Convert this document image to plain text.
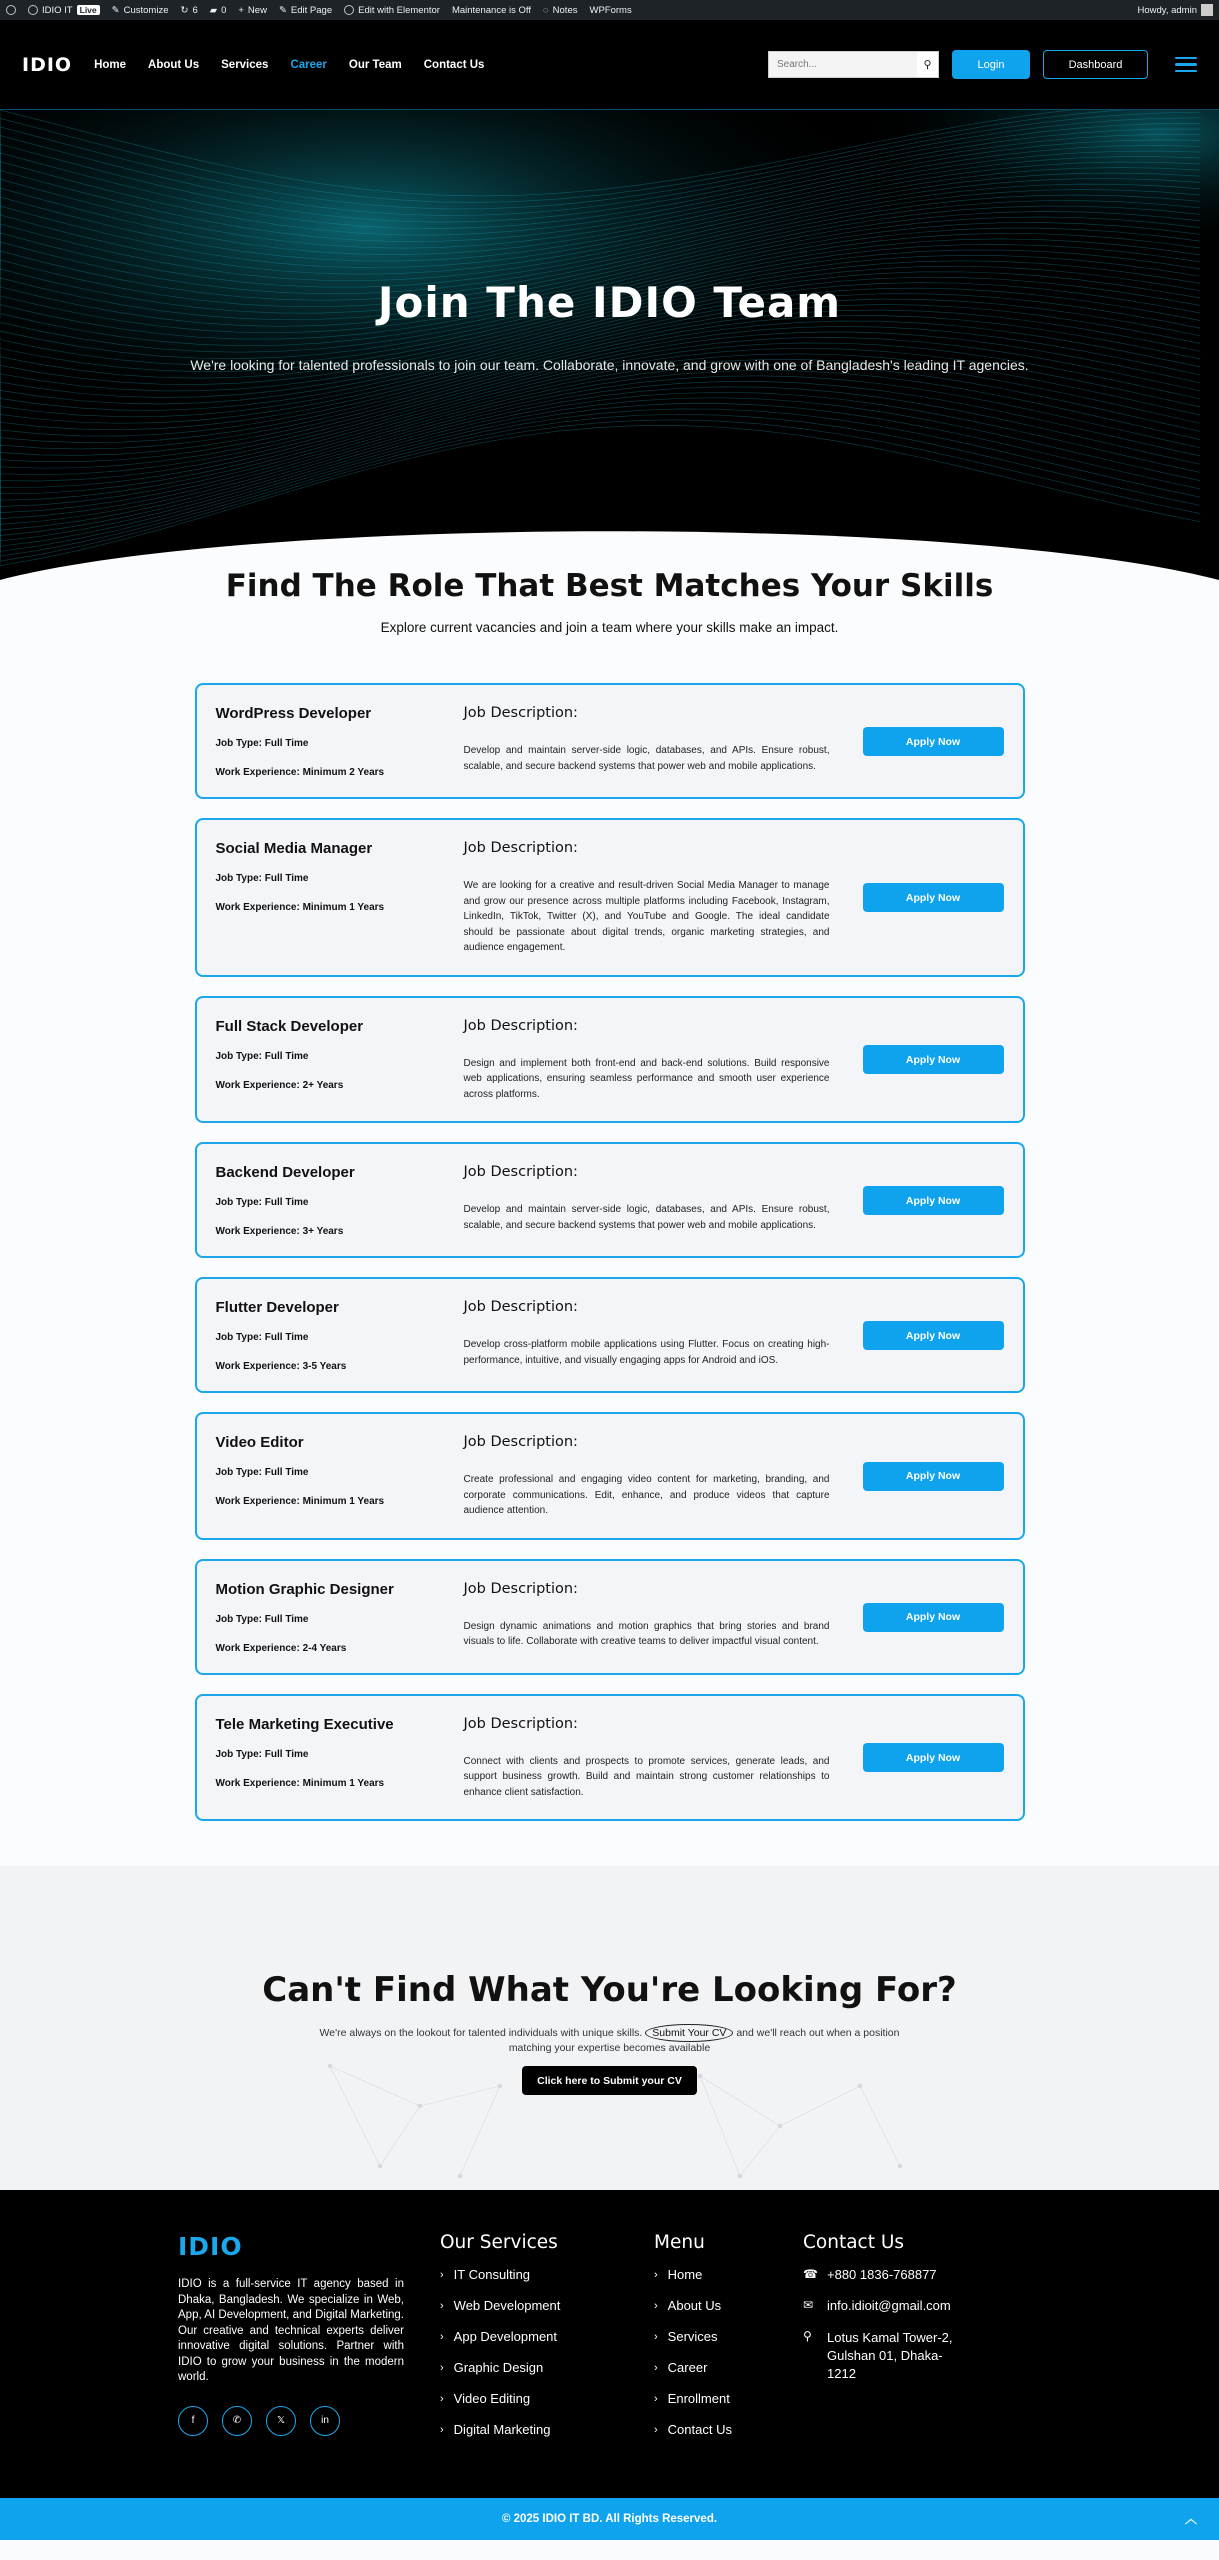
IDIO IT Live	✎ Customize ↻ 6 ▰ 0 + New ✎ Edit Page	Edit with Elementor Maintenance is Off ◌ Notes WPForms	Howdy, admin
IDIO Home About Us Services Career Our Team Contact Us
Search...	⚲	Login	Dashboard
Join The IDIO Team

We're looking for talented professionals to join our team. Collaborate, innovate, and grow with one of Bangladesh's leading IT agencies.

Find The Role That Best Matches Your Skills

Explore current vacancies and join a team where your skills make an impact.

WordPress Developer
Job Type: Full Time
Work Experience: Minimum 2 Years
Job Description:
Develop and maintain server-side logic, databases, and APIs. Ensure robust, scalable, and secure backend systems that power web and mobile applications.
Apply Now
Social Media Manager
Job Type: Full Time
Work Experience: Minimum 1 Years
Job Description:
We are looking for a creative and result-driven Social Media Manager to manage and grow our presence across multiple platforms including Facebook, Instagram, LinkedIn, TikTok, Twitter (X), and YouTube and Google. The ideal candidate should be passionate about digital trends, organic marketing strategies, and audience engagement.
Apply Now
Full Stack Developer
Job Type: Full Time
Work Experience: 2+ Years
Job Description:
Design and implement both front-end and back-end solutions. Build responsive web applications, ensuring seamless performance and smooth user experience across platforms.
Apply Now
Backend Developer
Job Type: Full Time
Work Experience: 3+ Years
Job Description:
Develop and maintain server-side logic, databases, and APIs. Ensure robust, scalable, and secure backend systems that power web and mobile applications.
Apply Now
Flutter Developer
Job Type: Full Time
Work Experience: 3-5 Years
Job Description:
Develop cross-platform mobile applications using Flutter. Focus on creating high-performance, intuitive, and visually engaging apps for Android and iOS.
Apply Now
Video Editor
Job Type: Full Time
Work Experience: Minimum 1 Years
Job Description:
Create professional and engaging video content for marketing, branding, and corporate communications. Edit, enhance, and produce videos that capture audience attention.
Apply Now
Motion Graphic Designer
Job Type: Full Time
Work Experience: 2-4 Years
Job Description:
Design dynamic animations and motion graphics that bring stories and brand visuals to life. Collaborate with creative teams to deliver impactful visual content.
Apply Now
Tele Marketing Executive
Job Type: Full Time
Work Experience: Minimum 1 Years
Job Description:
Connect with clients and prospects to promote services, generate leads, and support business growth. Build and maintain strong customer relationships to enhance client satisfaction.
Apply Now
Can't Find What You're Looking For?

We're always on the lookout for talented individuals with unique skills. Submit Your CV and we'll reach out when a position matching your expertise becomes available

Click here to Submit your CV
IDIO
IDIO is a full-service IT agency based in Dhaka, Bangladesh. We specialize in Web, App, AI Development, and Digital Marketing. Our creative and technical experts deliver innovative digital solutions. Partner with IDIO to grow your business in the modern world.
f	✆	𝕏	in
Our Services
› IT Consulting
› Web Development
› App Development
› Graphic Design
› Video Editing
› Digital Marketing
Menu
› Home
› About Us
› Services
› Career
› Enrollment
› Contact Us
Contact Us
☎ +880 1836-768877
✉	info.idioit@gmail.com
⚲	Lotus Kamal Tower-2, Gulshan 01, Dhaka-1212
© 2025 IDIO IT BD. All Rights Reserved.	︿
